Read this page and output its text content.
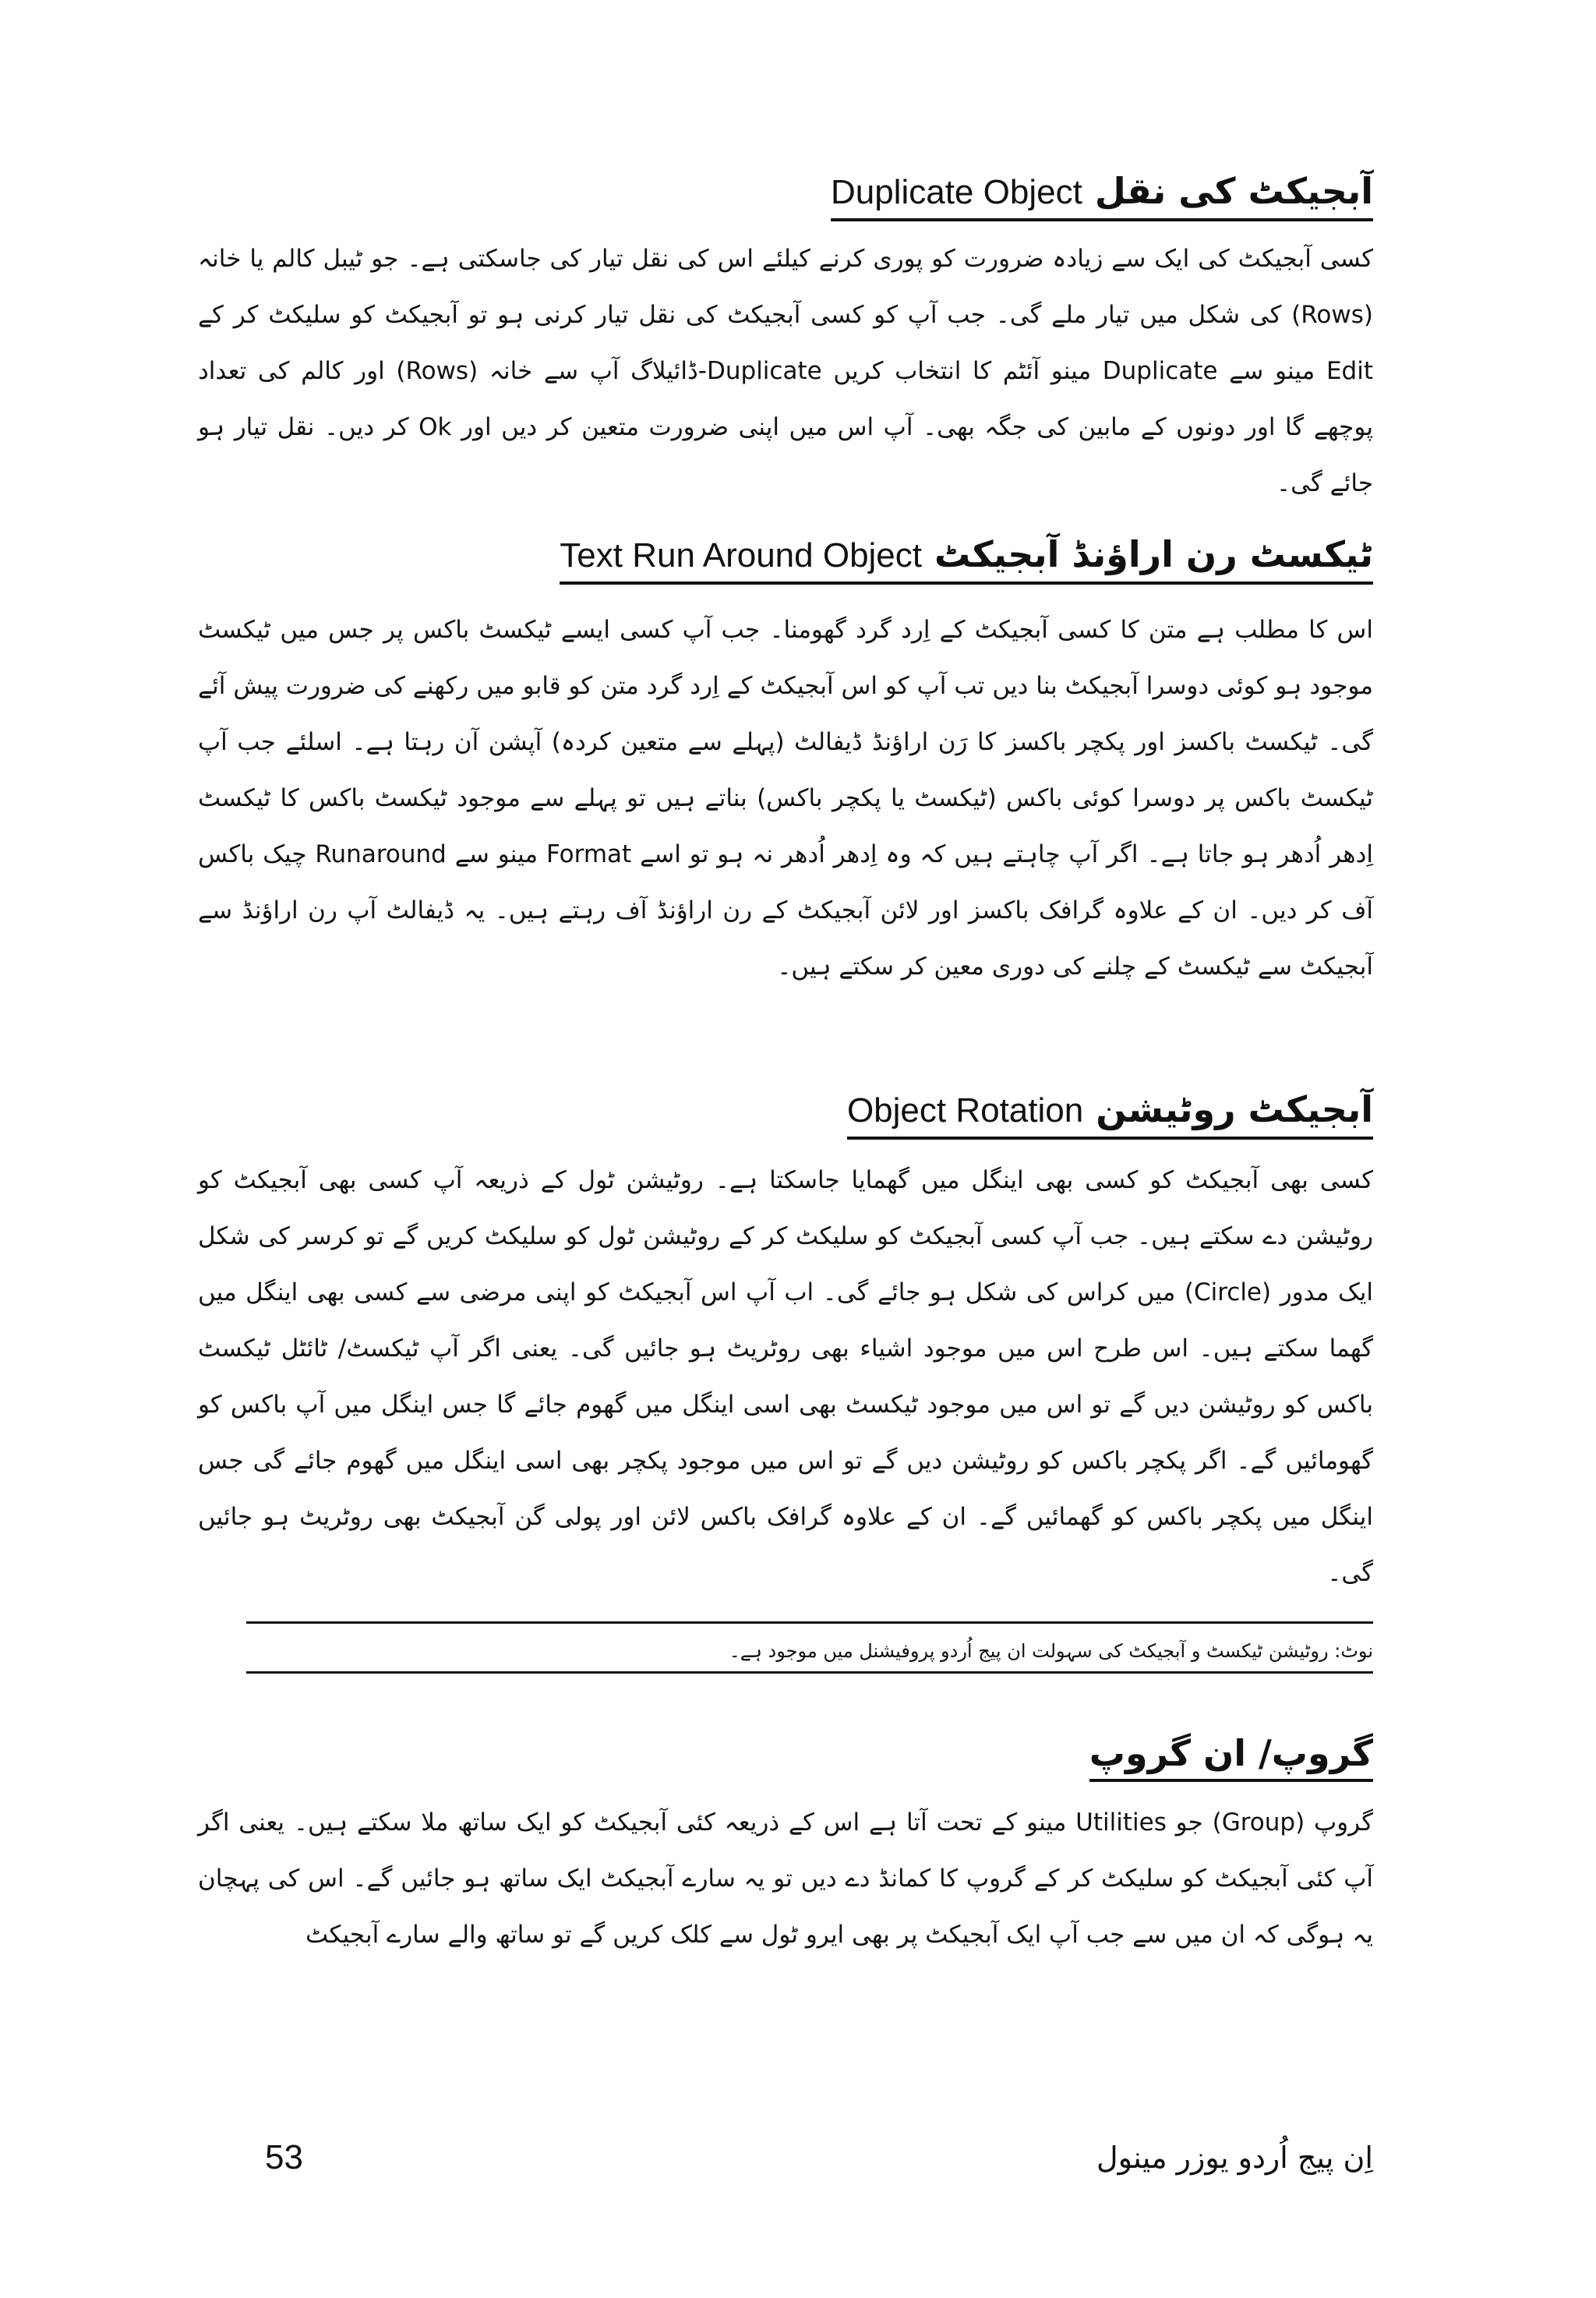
آبجیکٹ کی نقل Duplicate Object
کسی آبجیکٹ کی ایک سے زیادہ ضرورت کو پوری کرنے کیلئے اس کی نقل تیار کی جاسکتی ہے۔ جو ٹیبل کالم یا خانہ (Rows) کی شکل میں تیار ملے گی۔ جب آپ کو کسی آبجیکٹ کی نقل تیار کرنی ہو تو آبجیکٹ کو سلیکٹ کر کے Edit مینو سے Duplicate مینو آئٹم کا انتخاب کریں Duplicate-ڈائیلاگ آپ سے خانہ (Rows) اور کالم کی تعداد پوچھے گا اور دونوں کے مابین کی جگہ بھی۔ آپ اس میں اپنی ضرورت متعین کر دیں اور Ok کر دیں۔ نقل تیار ہو جائے گی۔
ٹیکسٹ رن اراؤنڈ آبجیکٹ Text Run Around Object
اس کا مطلب ہے متن کا کسی آبجیکٹ کے اِرد گرد گھومنا۔ جب آپ کسی ایسے ٹیکسٹ باکس پر جس میں ٹیکسٹ موجود ہو کوئی دوسرا آبجیکٹ بنا دیں تب آپ کو اس آبجیکٹ کے اِرد گرد متن کو قابو میں رکھنے کی ضرورت پیش آئے گی۔ ٹیکسٹ باکسز اور پکچر باکسز کا رَن اراؤنڈ ڈیفالٹ (پہلے سے متعین کردہ) آپشن آن رہتا ہے۔ اسلئے جب آپ ٹیکسٹ باکس پر دوسرا کوئی باکس (ٹیکسٹ یا پکچر باکس) بناتے ہیں تو پہلے سے موجود ٹیکسٹ باکس کا ٹیکسٹ اِدھر اُدھر ہو جاتا ہے۔ اگر آپ چاہتے ہیں کہ وہ اِدھر اُدھر نہ ہو تو اسے Format مینو سے Runaround چیک باکس آف کر دیں۔ ان کے علاوہ گرافک باکسز اور لائن آبجیکٹ کے رن اراؤنڈ آف رہتے ہیں۔ یہ ڈیفالٹ آپ رن اراؤنڈ سے آبجیکٹ سے ٹیکسٹ کے چلنے کی دوری معین کر سکتے ہیں۔
آبجیکٹ روٹیشن Object Rotation
کسی بھی آبجیکٹ کو کسی بھی اینگل میں گھمایا جاسکتا ہے۔ روٹیشن ٹول کے ذریعہ آپ کسی بھی آبجیکٹ کو روٹیشن دے سکتے ہیں۔ جب آپ کسی آبجیکٹ کو سلیکٹ کر کے روٹیشن ٹول کو سلیکٹ کریں گے تو کرسر کی شکل ایک مدور (Circle) میں کراس کی شکل ہو جائے گی۔ اب آپ اس آبجیکٹ کو اپنی مرضی سے کسی بھی اینگل میں گھما سکتے ہیں۔ اس طرح اس میں موجود اشیاء بھی روٹریٹ ہو جائیں گی۔ یعنی اگر آپ ٹیکسٹ/ ٹائٹل ٹیکسٹ باکس کو روٹیشن دیں گے تو اس میں موجود ٹیکسٹ بھی اسی اینگل میں گھوم جائے گا جس اینگل میں آپ باکس کو گھومائیں گے۔ اگر پکچر باکس کو روٹیشن دیں گے تو اس میں موجود پکچر بھی اسی اینگل میں گھوم جائے گی جس اینگل میں پکچر باکس کو گھمائیں گے۔ ان کے علاوہ گرافک باکس لائن اور پولی گن آبجیکٹ بھی روٹریٹ ہو جائیں گی۔
نوٹ: روٹیشن ٹیکسٹ و آبجیکٹ کی سہولت ان پیج اُردو پروفیشنل میں موجود ہے۔
گروپ/ ان گروپ
گروپ (Group) جو Utilities مینو کے تحت آتا ہے اس کے ذریعہ کئی آبجیکٹ کو ایک ساتھ ملا سکتے ہیں۔ یعنی اگر آپ کئی آبجیکٹ کو سلیکٹ کر کے گروپ کا کمانڈ دے دیں تو یہ سارے آبجیکٹ ایک ساتھ ہو جائیں گے۔ اس کی پہچان یہ ہوگی کہ ان میں سے جب آپ ایک آبجیکٹ پر بھی ایرو ٹول سے کلک کریں گے تو ساتھ والے سارے آبجیکٹ
53	اِن پیج اُردو یوزر مینول
